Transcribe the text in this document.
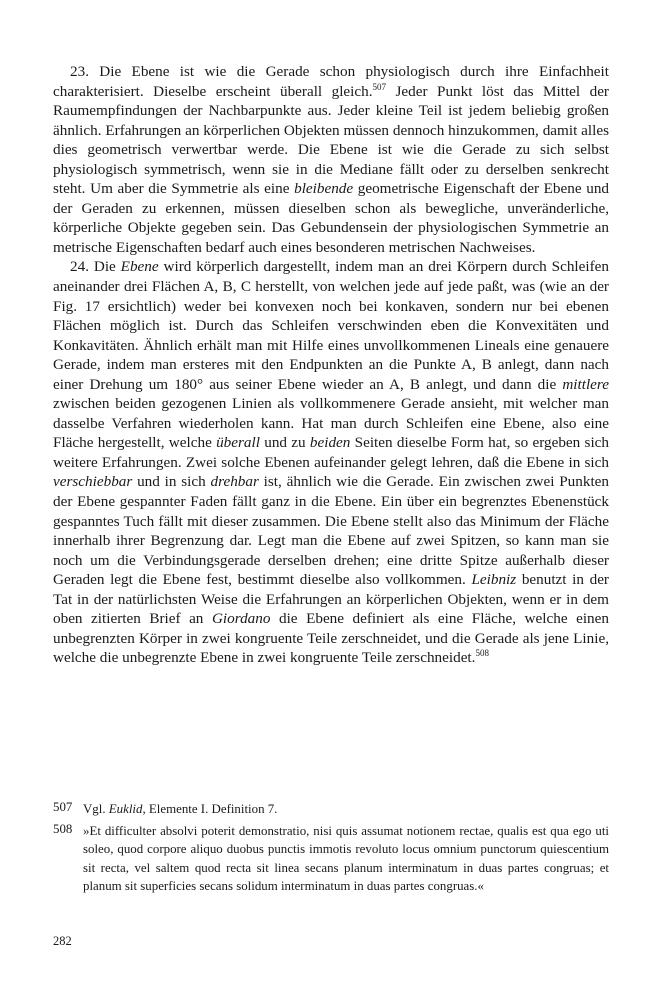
23. Die Ebene ist wie die Gerade schon physiologisch durch ihre Einfachheit charakterisiert. Dieselbe erscheint überall gleich.$^{507}$ Jeder Punkt löst das Mittel der Raumempfindungen der Nachbarpunkte aus. Jeder kleine Teil ist jedem beliebig großen ähnlich. Erfahrungen an körperlichen Objekten müssen dennoch hinzukommen, damit alles dies geometrisch verwertbar werde. Die Ebene ist wie die Gerade zu sich selbst physiologisch symmetrisch, wenn sie in die Mediane fällt oder zu derselben senkrecht steht. Um aber die Symmetrie als eine bleibende geometrische Eigenschaft der Ebene und der Geraden zu erkennen, müssen dieselben schon als bewegliche, unveränderliche, körperliche Objekte gegeben sein. Das Gebundensein der physiologischen Symmetrie an metrische Eigenschaften bedarf auch eines besonderen metrischen Nachweises.

24. Die Ebene wird körperlich dargestellt, indem man an drei Körpern durch Schleifen aneinander drei Flächen A, B, C herstellt, von welchen jede auf jede paßt, was (wie an der Fig. 17 ersichtlich) weder bei konvexen noch bei konkaven, sondern nur bei ebenen Flächen möglich ist. Durch das Schleifen verschwinden eben die Konvexitäten und Konkavitäten. Ähnlich erhält man mit Hilfe eines unvollkommenen Lineals eine genauere Gerade, indem man ersteres mit den Endpunkten an die Punkte A, B anlegt, dann nach einer Drehung um 180° aus seiner Ebene wieder an A, B anlegt, und dann die mittlere zwischen beiden gezogenen Linien als vollkommenere Gerade ansieht, mit welcher man dasselbe Verfahren wiederholen kann. Hat man durch Schleifen eine Ebene, also eine Fläche hergestellt, welche überall und zu beiden Seiten dieselbe Form hat, so ergeben sich weitere Erfahrungen. Zwei solche Ebenen aufeinander gelegt lehren, daß die Ebene in sich verschiebbar und in sich drehbar ist, ähnlich wie die Gerade. Ein zwischen zwei Punkten der Ebene gespannter Faden fällt ganz in die Ebene. Ein über ein begrenztes Ebenenstück gespanntes Tuch fällt mit dieser zusammen. Die Ebene stellt also das Minimum der Fläche innerhalb ihrer Begrenzung dar. Legt man die Ebene auf zwei Spitzen, so kann man sie noch um die Verbindungsgerade derselben drehen; eine dritte Spitze außerhalb dieser Geraden legt die Ebene fest, bestimmt dieselbe also vollkommen. Leibniz benutzt in der Tat in der natürlichsten Weise die Erfahrungen an körperlichen Objekten, wenn er in dem oben zitierten Brief an Giordano die Ebene definiert als eine Fläche, welche einen unbegrenzten Körper in zwei kongruente Teile zerschneidet, und die Gerade als jene Linie, welche die unbegrenzte Ebene in zwei kongruente Teile zerschneidet.$^{508}$

507 Vgl. Euklid, Elemente I. Definition 7.
508 »Et difficulter absolvi poterit demonstratio, nisi quis assumat notionem rectae, qualis est qua ego uti soleo, quod corpore aliquo duobus punctis immotis revoluto locus omnium punctorum quiescentium sit recta, vel saltem quod recta sit linea secans planum interminatum in duas partes congruas; et planum sit superficies secans solidum interminatum in duas partes congruas.«
282
